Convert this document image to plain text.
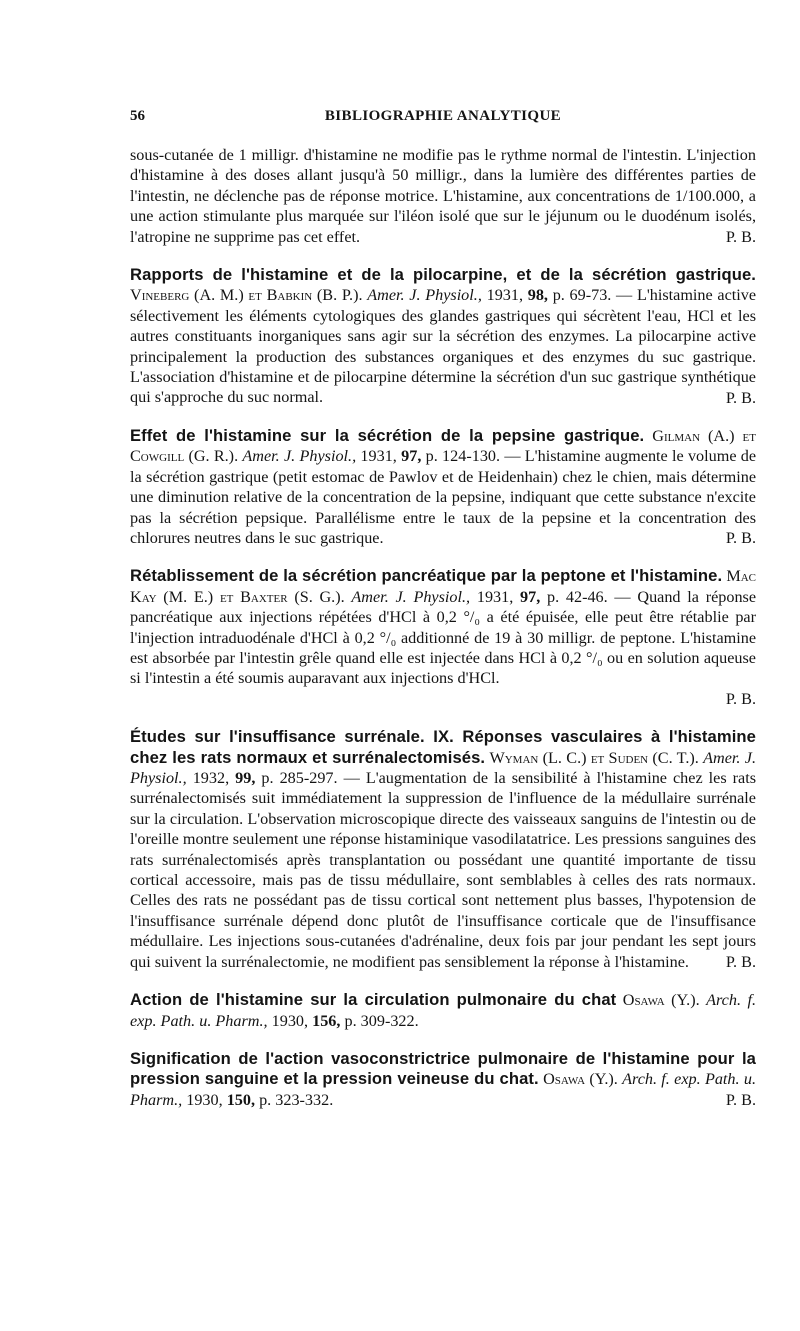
56	BIBLIOGRAPHIE ANALYTIQUE

sous-cutanée de 1 milligr. d'histamine ne modifie pas le rythme normal de l'intestin. L'injection d'histamine à des doses allant jusqu'à 50 milligr., dans la lumière des différentes parties de l'intestin, ne déclenche pas de réponse motrice. L'histamine, aux concentrations de 1/100.000, a une action stimulante plus marquée sur l'iléon isolé que sur le jéjunum ou le duodénum isolés, l'atropine ne supprime pas cet effet.	P. B.

Rapports de l'histamine et de la pilocarpine, et de la sécrétion gastrique. Vineberg (A. M.) et Babkin (B. P.). Amer. J. Physiol., 1931, 98, p. 69-73. — L'histamine active sélectivement les éléments cytologiques des glandes gastriques qui sécrètent l'eau, HCl et les autres constituants inorganiques sans agir sur la sécrétion des enzymes. La pilocarpine active principalement la production des substances organiques et des enzymes du suc gastrique. L'association d'histamine et de pilocarpine détermine la sécrétion d'un suc gastrique synthétique qui s'approche du suc normal.	P. B.

Effet de l'histamine sur la sécrétion de la pepsine gastrique. Gilman (A.) et Cowgill (G. R.). Amer. J. Physiol., 1931, 97, p. 124-130. — L'histamine augmente le volume de la sécrétion gastrique (petit estomac de Pawlov et de Heidenhain) chez le chien, mais détermine une diminution relative de la concentration de la pepsine, indiquant que cette substance n'excite pas la sécrétion pepsique. Parallélisme entre le taux de la pepsine et la concentration des chlorures neutres dans le suc gastrique.	P. B.

Rétablissement de la sécrétion pancréatique par la peptone et l'histamine. Mac Kay (M. E.) et Baxter (S. G.). Amer. J. Physiol., 1931, 97, p. 42-46. — Quand la réponse pancréatique aux injections répétées d'HCl à 0,2 °/₀ a été épuisée, elle peut être rétablie par l'injection intraduodénale d'HCl à 0,2 °/₀ additionné de 19 à 30 milligr. de peptone. L'histamine est absorbée par l'intestin grêle quand elle est injectée dans HCl à 0,2 °/₀ ou en solution aqueuse si l'intestin a été soumis auparavant aux injections d'HCl.
P. B.

Études sur l'insuffisance surrénale. IX. Réponses vasculaires à l'histamine chez les rats normaux et surrénalectomisés. Wyman (L. C.) et Suden (C. T.). Amer. J. Physiol., 1932, 99, p. 285-297. — L'augmentation de la sensibilité à l'histamine chez les rats surrénalectomisés suit immédiatement la suppression de l'influence de la médullaire surrénale sur la circulation. L'observation microscopique directe des vaisseaux sanguins de l'intestin ou de l'oreille montre seulement une réponse histaminique vasodilatatrice. Les pressions sanguines des rats surrénalectomisés après transplantation ou possédant une quantité importante de tissu cortical accessoire, mais pas de tissu médullaire, sont semblables à celles des rats normaux. Celles des rats ne possédant pas de tissu cortical sont nettement plus basses, l'hypotension de l'insuffisance surrénale dépend donc plutôt de l'insuffisance corticale que de l'insuffisance médullaire. Les injections sous-cutanées d'adrénaline, deux fois par jour pendant les sept jours qui suivent la surrénalectomie, ne modifient pas sensiblement la réponse à l'histamine.	P. B.

Action de l'histamine sur la circulation pulmonaire du chat Osawa (Y.). Arch. f. exp. Path. u. Pharm., 1930, 156, p. 309-322.

Signification de l'action vasoconstrictrice pulmonaire de l'histamine pour la pression sanguine et la pression veineuse du chat. Osawa (Y.). Arch. f. exp. Path. u. Pharm., 1930, 150, p. 323-332.	P. B.
